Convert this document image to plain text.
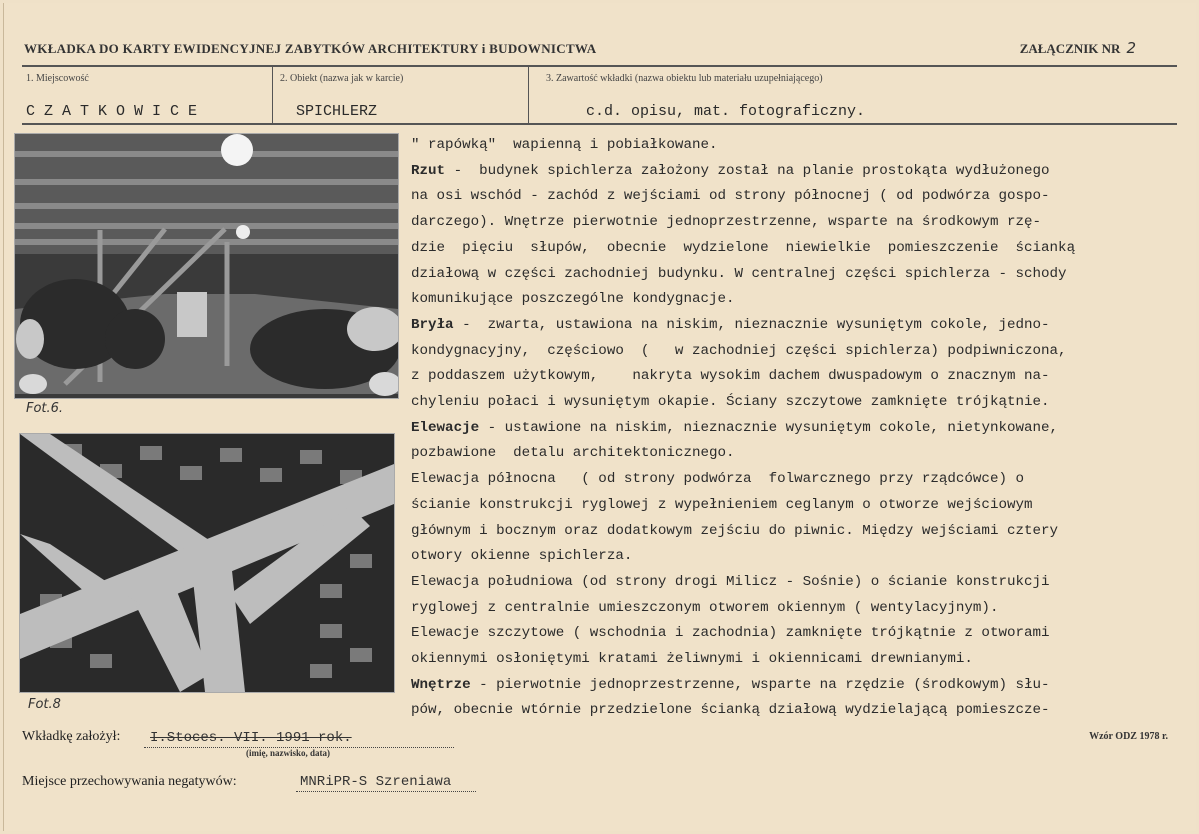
WKŁADKA DO KARTY EWIDENCYJNEJ ZABYTKÓW ARCHITEKTURY i BUDOWNICTWA	ZAŁĄCZNIK NR 2
1. Miejscowość
CZATKOWICE
2. Obiekt (nazwa jak w karcie)
SPICHLERZ
3. Zawartość wkładki (nazwa obiektu lub materiału uzupełniającego)
c.d. opisu, mat. fotograficzny.
Fot.6.
Fot.8
" rapówką"  wapienną i pobiałkowane.
Rzut -  budynek spichlerza założony został na planie prostokąta wydłużonego
na osi wschód - zachód z wejściami od strony północnej ( od podwórza gospo-
darczego). Wnętrze pierwotnie jednoprzestrzenne, wsparte na środkowym rzę-
dzie  pięciu  słupów,  obecnie  wydzielone  niewielkie  pomieszczenie  ścianką
działową w części zachodniej budynku. W centralnej części spichlerza - schody
komunikujące poszczególne kondygnacje.
Bryła -  zwarta, ustawiona na niskim, nieznacznie wysuniętym cokole, jedno-
kondygnacyjny,  częściowo  (   w zachodniej części spichlerza) podpiwniczona,
z poddaszem użytkowym,    nakryta wysokim dachem dwuspadowym o znacznym na-
chyleniu połaci i wysuniętym okapie. Ściany szczytowe zamknięte trójkątnie.
Elewacje - ustawione na niskim, nieznacznie wysuniętym cokole, nietynkowane,
pozbawione  detalu architektonicznego.
Elewacja północna   ( od strony podwórza  folwarcznego przy rządcówce) o
ścianie konstrukcji ryglowej z wypełnieniem ceglanym o otworze wejściowym
głównym i bocznym oraz dodatkowym zejściu do piwnic. Między wejściami cztery
otwory okienne spichlerza.
Elewacja południowa (od strony drogi Milicz - Sośnie) o ścianie konstrukcji
ryglowej z centralnie umieszczonym otworem okiennym ( wentylacyjnym).
Elewacje szczytowe ( wschodnia i zachodnia) zamknięte trójkątnie z otworami
okiennymi osłoniętymi kratami żeliwnymi i okiennicami drewnianymi.
Wnętrze - pierwotnie jednoprzestrzenne, wsparte na rzędzie (środkowym) słu-
pów, obecnie wtórnie przedzielone ścianką działową wydzielającą pomieszcze-
Wkładkę założył: I.Stoces. VII. 1991 rok.
(imię, nazwisko, data)
Wzór ODZ 1978 r.
Miejsce przechowywania negatywów:	MNRiPR-S Szreniawa
